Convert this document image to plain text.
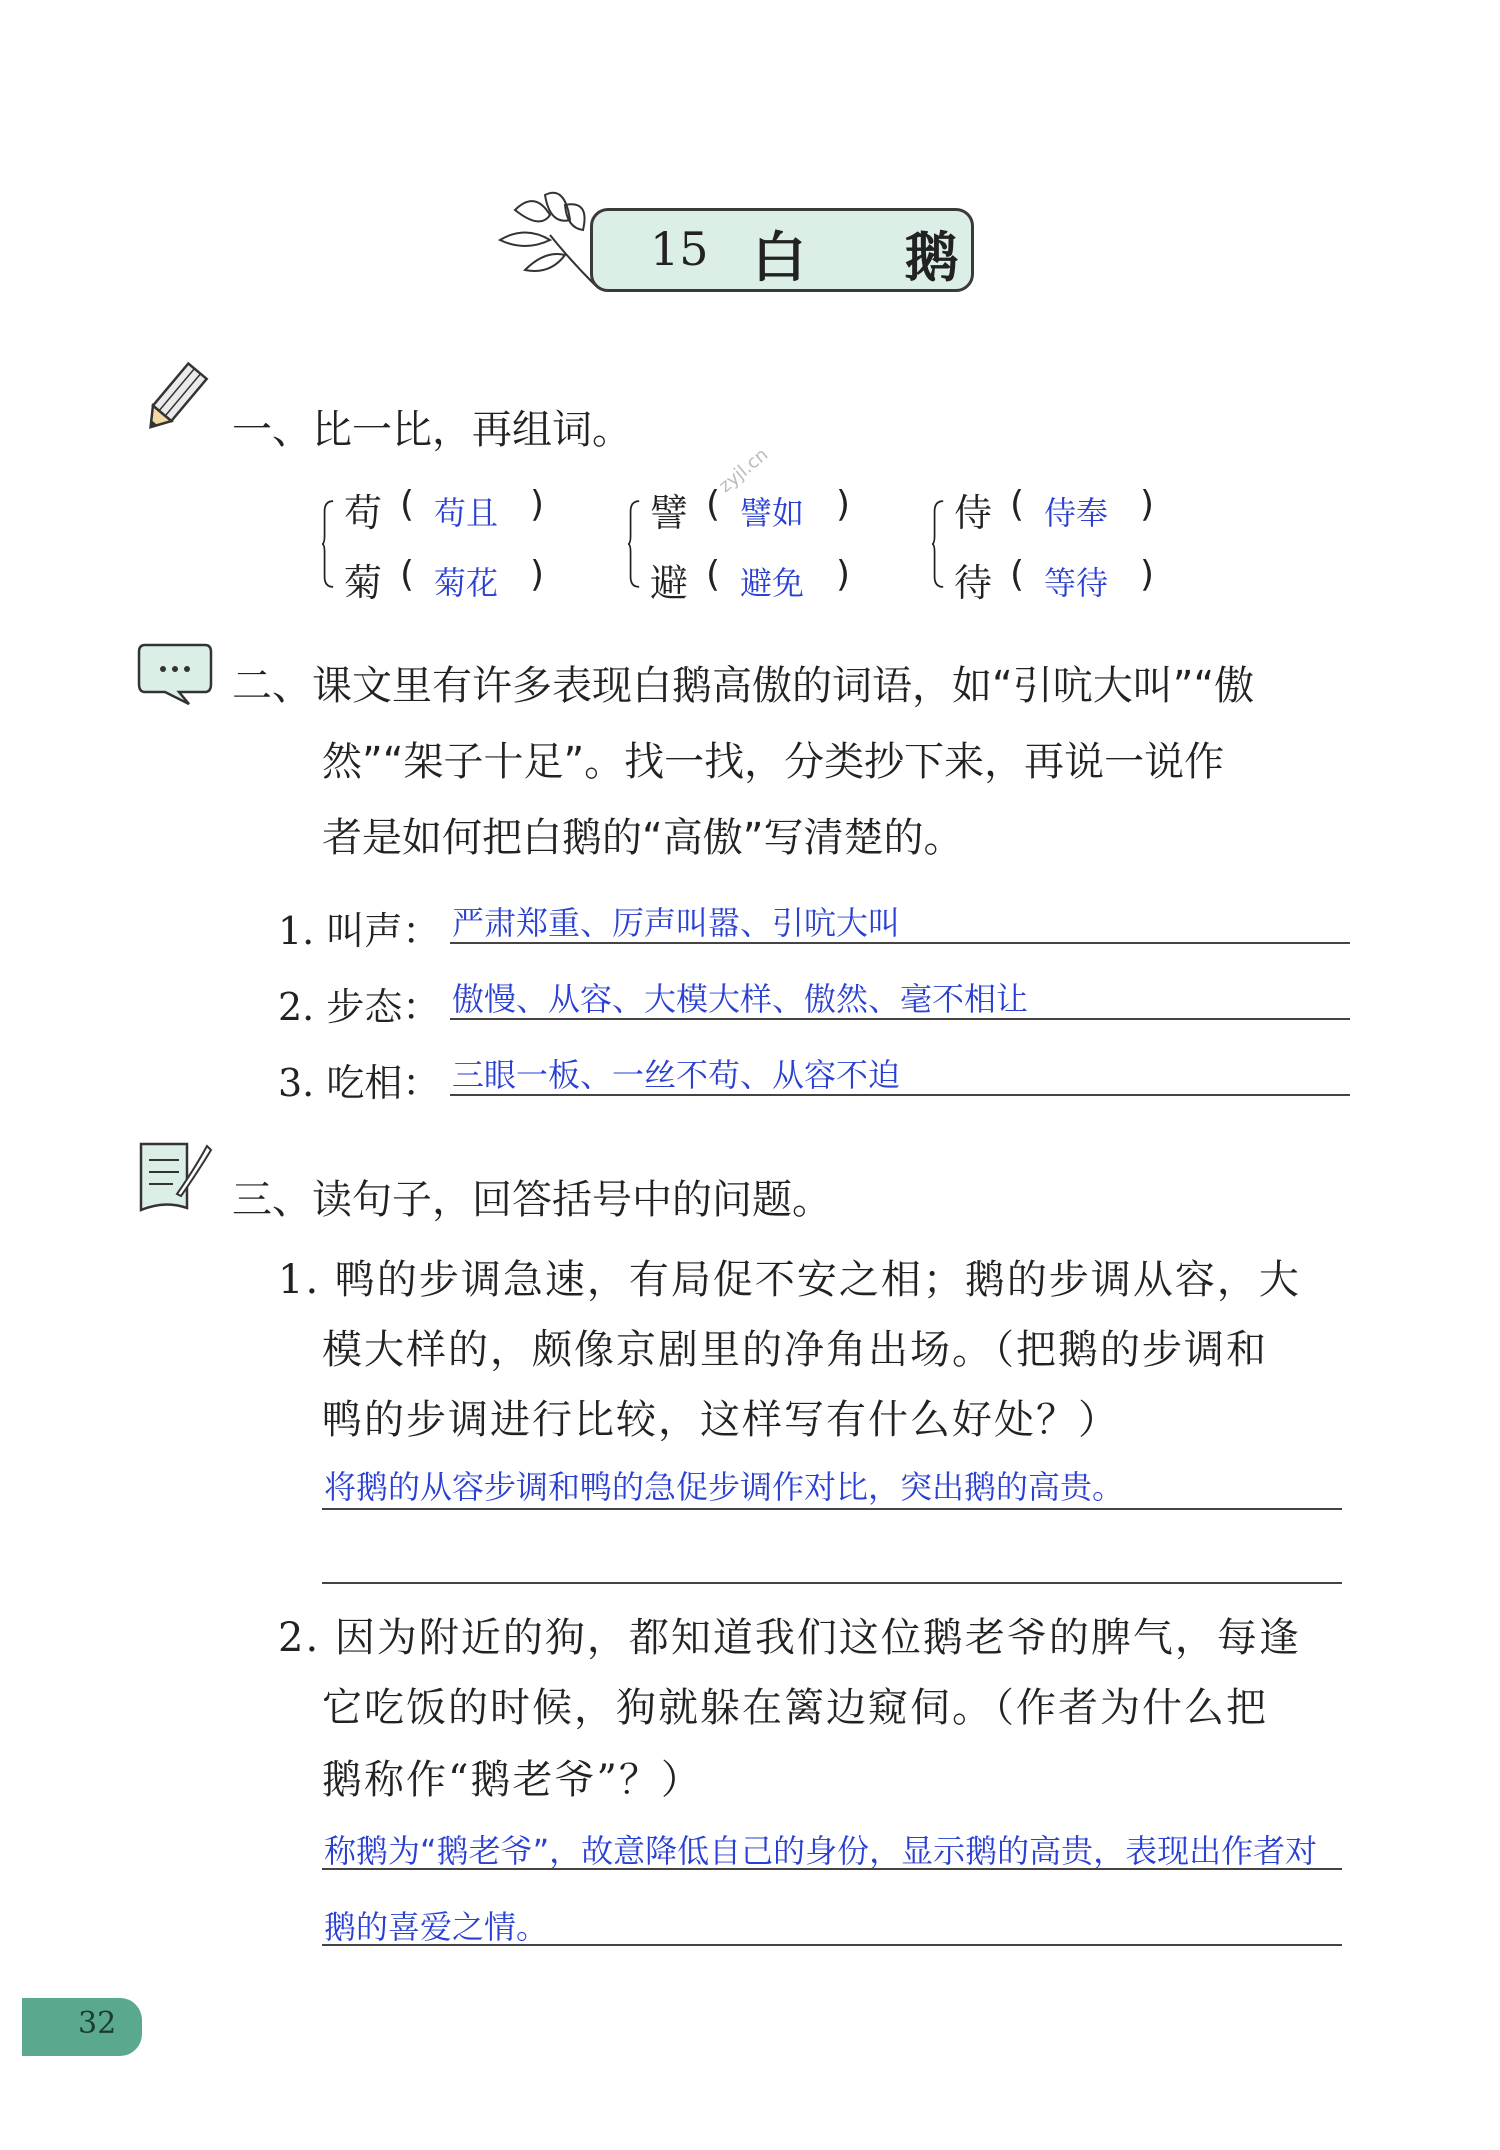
15 白 鹅
一、比一比，再组词。
苟 ( 苟且 )
菊 ( 菊花 )
譬 ( 譬如 )
避 ( 避免 )
侍 ( 侍奉 )
待 ( 等待 )
二、课文里有许多表现白鹅高傲的词语，如“引吭大叫”“傲
然”“架子十足”。找一找，分类抄下来，再说一说作
者是如何把白鹅的“高傲”写清楚的。
1. 叫声： 严肃郑重、厉声叫嚣、引吭大叫
2. 步态： 傲慢、从容、大模大样、傲然、毫不相让
3. 吃相： 三眼一板、一丝不苟、从容不迫
三、读句子，回答括号中的问题。
1. 鸭的步调急速，有局促不安之相；鹅的步调从容，大
模大样的，颇像京剧里的净角出场。（把鹅的步调和
鸭的步调进行比较，这样写有什么好处？）
将鹅的从容步调和鸭的急促步调作对比，突出鹅的高贵。
2. 因为附近的狗，都知道我们这位鹅老爷的脾气，每逢
它吃饭的时候，狗就躲在篱边窥伺。（作者为什么把
鹅称作“鹅老爷”？）
称鹅为“鹅老爷”，故意降低自己的身份，显示鹅的高贵，表现出作者对
鹅的喜爱之情。
32
zyjl.cn
